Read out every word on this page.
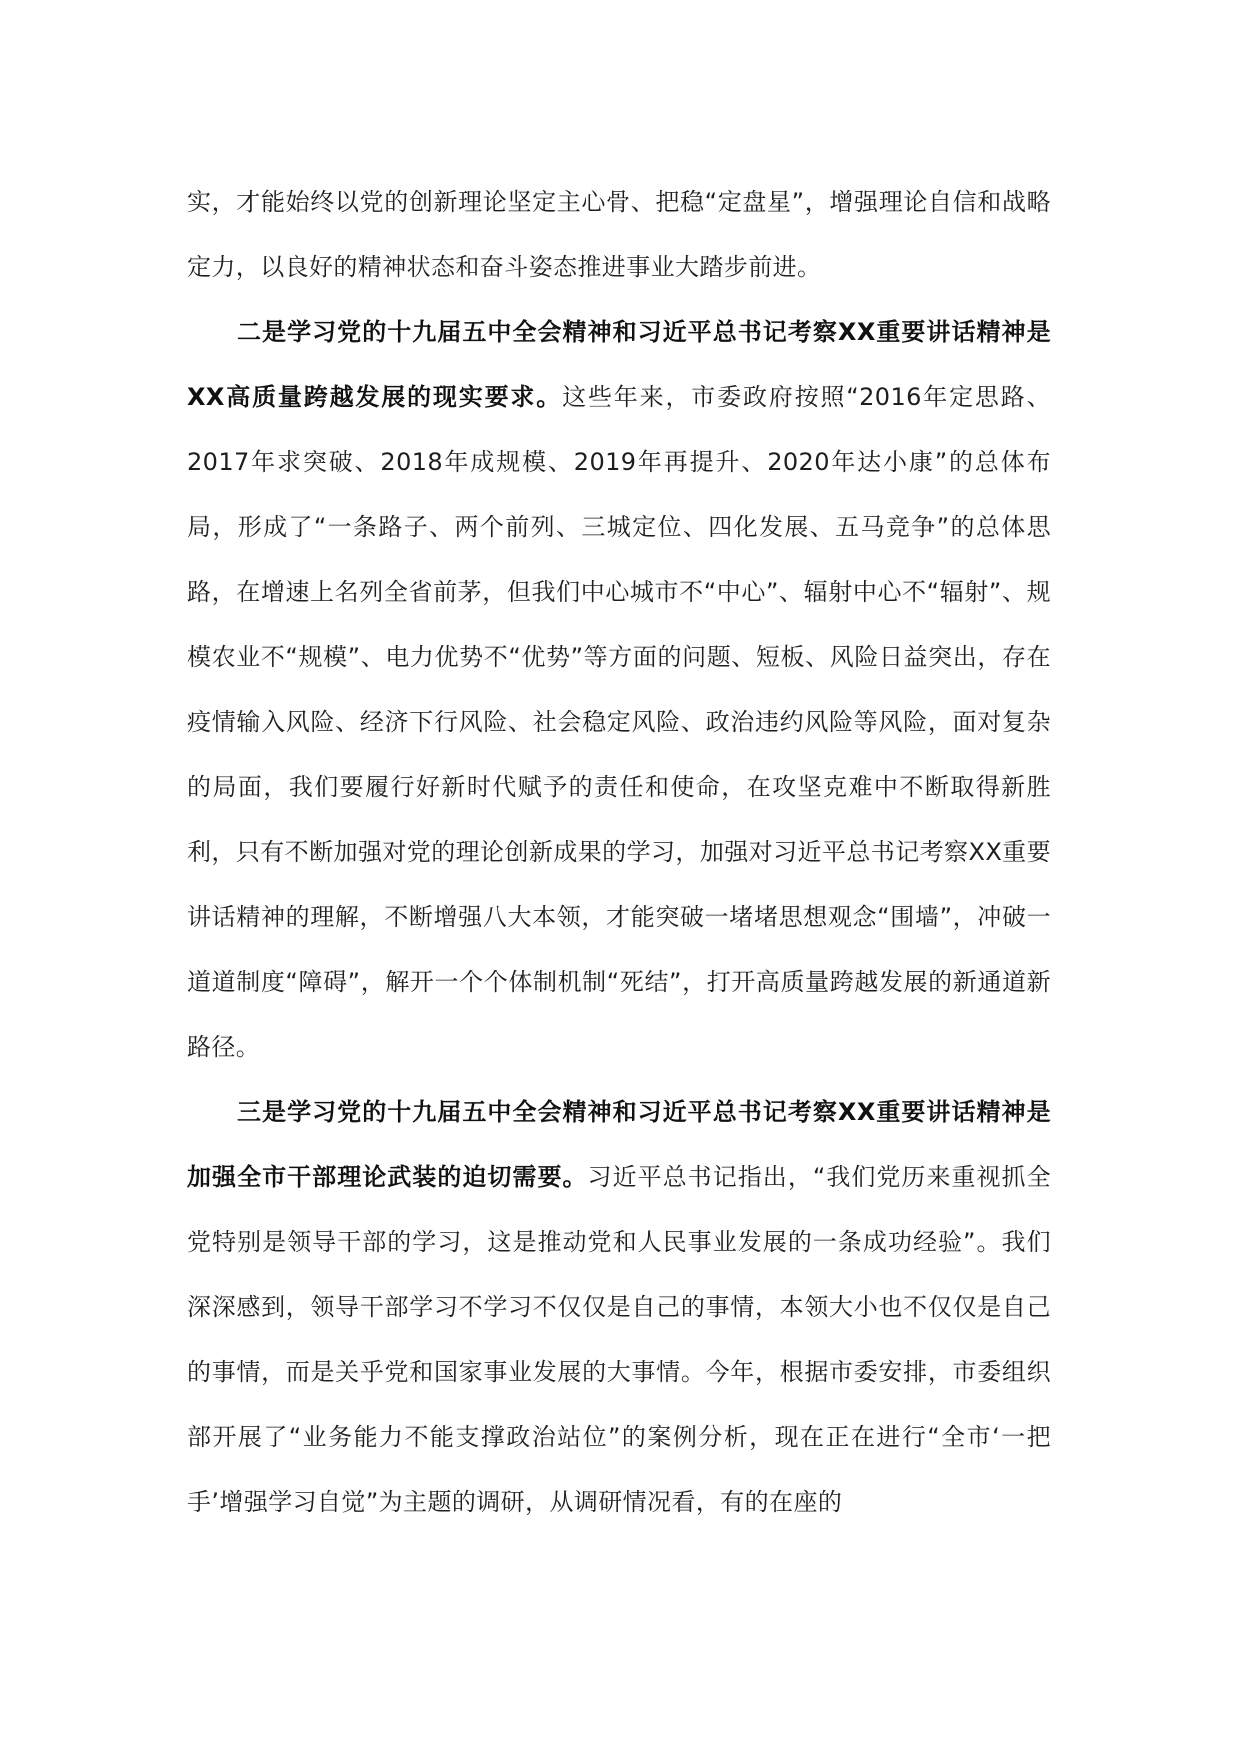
实，才能始终以党的创新理论坚定主心骨、把稳“定盘星”，增强理论自信和战略定力，以良好的精神状态和奋斗姿态推进事业大踏步前进。

二是学习党的十九届五中全会精神和习近平总书记考察XX重要讲话精神是XX高质量跨越发展的现实要求。这些年来，市委政府按照“2016年定思路、2017年求突破、2018年成规模、2019年再提升、2020年达小康”的总体布局，形成了“一条路子、两个前列、三城定位、四化发展、五马竞争”的总体思路，在增速上名列全省前茅，但我们中心城市不“中心”、辐射中心不“辐射”、规模农业不“规模”、电力优势不“优势”等方面的问题、短板、风险日益突出，存在疫情输入风险、经济下行风险、社会稳定风险、政治违约风险等风险，面对复杂的局面，我们要履行好新时代赋予的责任和使命，在攻坚克难中不断取得新胜利，只有不断加强对党的理论创新成果的学习，加强对习近平总书记考察XX重要讲话精神的理解，不断增强八大本领，才能突破一堵堵思想观念“围墙”，冲破一道道制度“障碍”，解开一个个体制机制“死结”，打开高质量跨越发展的新通道新路径。

三是学习党的十九届五中全会精神和习近平总书记考察XX重要讲话精神是加强全市干部理论武装的迫切需要。习近平总书记指出，“我们党历来重视抓全党特别是领导干部的学习，这是推动党和人民事业发展的一条成功经验”。我们深深感到，领导干部学习不学习不仅仅是自己的事情，本领大小也不仅仅是自己的事情，而是关乎党和国家事业发展的大事情。今年，根据市委安排，市委组织部开展了“业务能力不能支撑政治站位”的案例分析，现在正在进行“全市‘一把手’增强学习自觉”为主题的调研，从调研情况看，有的在座的
